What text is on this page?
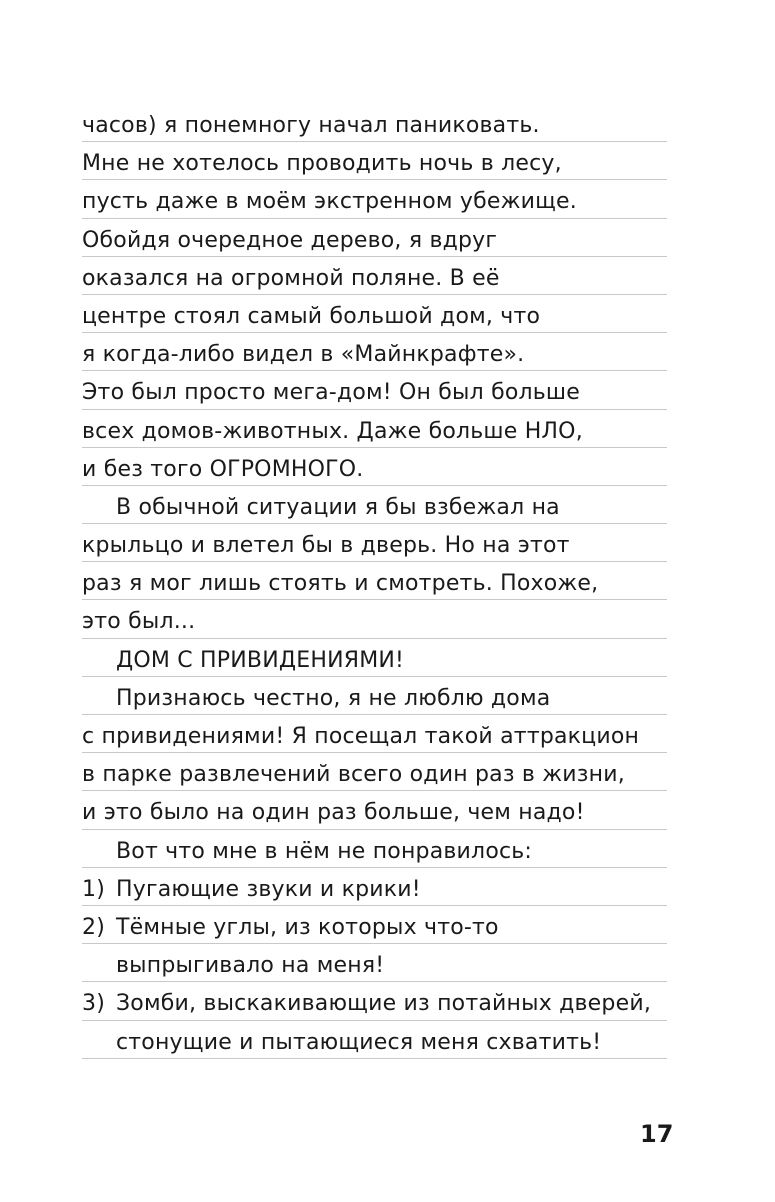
часов) я понемногу начал паниковать.
Мне не хотелось проводить ночь в лесу,
пусть даже в моём экстренном убежище.
Обойдя очередное дерево, я вдруг
оказался на огромной поляне. В её
центре стоял самый большой дом, что
я когда-либо видел в «Майнкрафте».
Это был просто мега-дом! Он был больше
всех домов-животных. Даже больше НЛО,
и без того ОГРОМНОГО.
В обычной ситуации я бы взбежал на
крыльцо и влетел бы в дверь. Но на этот
раз я мог лишь стоять и смотреть. Похоже,
это был...
ДОМ С ПРИВИДЕНИЯМИ!
Признаюсь честно, я не люблю дома
с привидениями! Я посещал такой аттракцион
в парке развлечений всего один раз в жизни,
и это было на один раз больше, чем надо!
Вот что мне в нём не понравилось:
1) Пугающие звуки и крики!
2) Тёмные углы, из которых что-то
выпрыгивало на меня!
3) Зомби, выскакивающие из потайных дверей,
стонущие и пытающиеся меня схватить!
17
